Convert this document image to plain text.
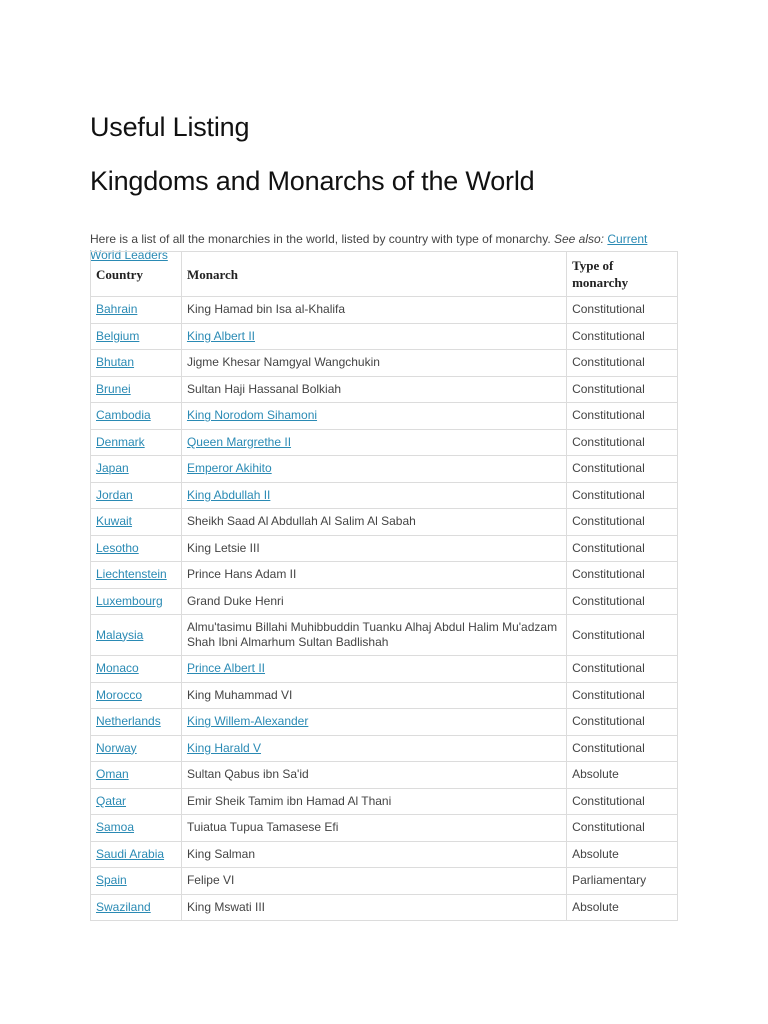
Useful Listing
Kingdoms and Monarchs of the World

Here is a list of all the monarchies in the world, listed by country with type of monarchy. See also: Current World Leaders

Country	Monarch	Type of monarchy
Bahrain	King Hamad bin Isa al-Khalifa	Constitutional
Belgium	King Albert II	Constitutional
Bhutan	Jigme Khesar Namgyal Wangchukin	Constitutional
Brunei	Sultan Haji Hassanal Bolkiah	Constitutional
Cambodia	King Norodom Sihamoni	Constitutional
Denmark	Queen Margrethe II	Constitutional
Japan	Emperor Akihito	Constitutional
Jordan	King Abdullah II	Constitutional
Kuwait	Sheikh Saad Al Abdullah Al Salim Al Sabah	Constitutional
Lesotho	King Letsie III	Constitutional
Liechtenstein	Prince Hans Adam II	Constitutional
Luxembourg	Grand Duke Henri	Constitutional
Malaysia	Almu'tasimu Billahi Muhibbuddin Tuanku Alhaj Abdul Halim Mu'adzam Shah Ibni Almarhum Sultan Badlishah	Constitutional
Monaco	Prince Albert II	Constitutional
Morocco	King Muhammad VI	Constitutional
Netherlands	King Willem-Alexander	Constitutional
Norway	King Harald V	Constitutional
Oman	Sultan Qabus ibn Sa'id	Absolute
Qatar	Emir Sheik Tamim ibn Hamad Al Thani	Constitutional
Samoa	Tuiatua Tupua Tamasese Efi	Constitutional
Saudi Arabia	King Salman	Absolute
Spain	Felipe VI	Parliamentary
Swaziland	King Mswati III	Absolute
